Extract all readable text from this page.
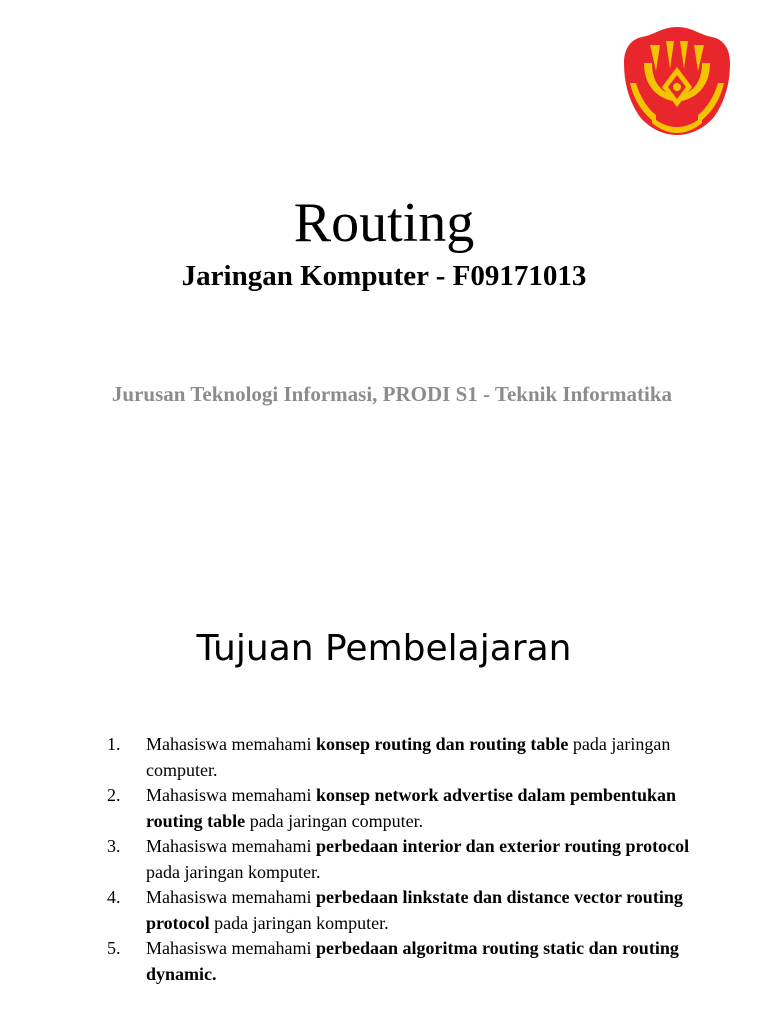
Routing
Jaringan Komputer - F09171013
Jurusan Teknologi Informasi, PRODI S1 - Teknik Informatika
Tujuan Pembelajaran
1. Mahasiswa memahami konsep routing dan routing table pada jaringan computer.
2. Mahasiswa memahami konsep network advertise dalam pembentukan routing table pada jaringan computer.
3. Mahasiswa memahami perbedaan interior dan exterior routing protocol pada jaringan komputer.
4. Mahasiswa memahami perbedaan linkstate dan distance vector routing protocol pada jaringan komputer.
5. Mahasiswa memahami perbedaan algoritma routing static dan routing dynamic.
